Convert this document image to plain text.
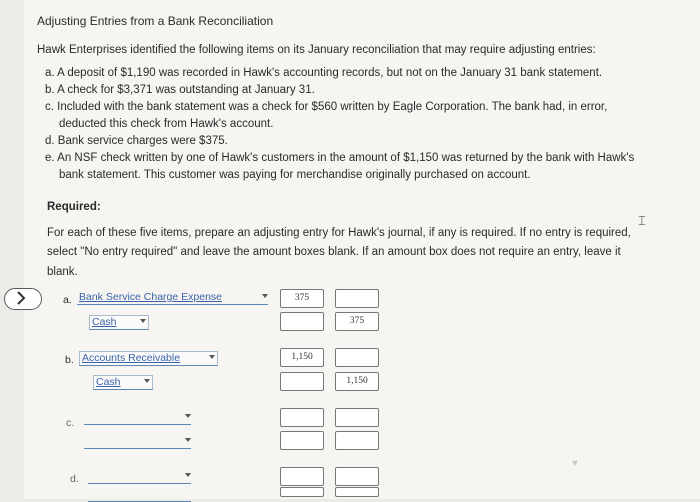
Adjusting Entries from a Bank Reconciliation
Hawk Enterprises identified the following items on its January reconciliation that may require adjusting entries:
a. A deposit of $1,190 was recorded in Hawk's accounting records, but not on the January 31 bank statement.
b. A check for $3,371 was outstanding at January 31.
c. Included with the bank statement was a check for $560 written by Eagle Corporation. The bank had, in error,
deducted this check from Hawk's account.
d. Bank service charges were $375.
e. An NSF check written by one of Hawk's customers in the amount of $1,150 was returned by the bank with Hawk's
bank statement. This customer was paying for merchandise originally purchased on account.
Required:
For each of these five items, prepare an adjusting entry for Hawk's journal, if any is required. If no entry is required,
select "No entry required" and leave the amount boxes blank. If an amount box does not require an entry, leave it
blank.
⌶
a. Bank Service Charge Expense
Cash
375
375
b. Accounts Receivable
Cash
1,150
1,150
c.
d.
♥
